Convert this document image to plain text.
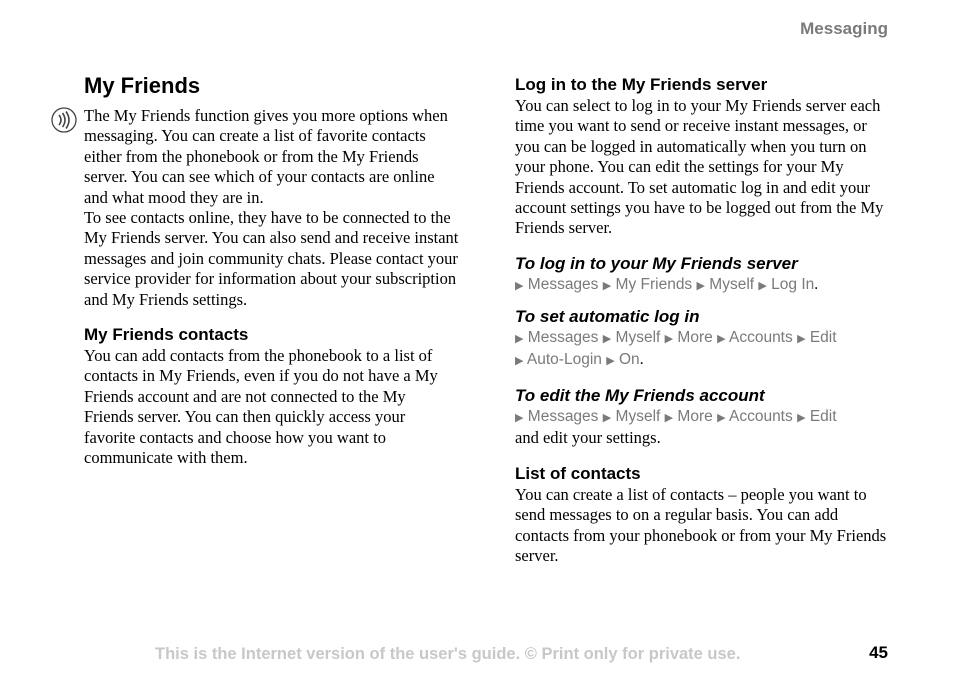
Messaging
My Friends

The My Friends function gives you more options when messaging. You can create a list of favorite contacts either from the phonebook or from the My Friends server. You can see which of your contacts are online and what mood they are in.

To see contacts online, they have to be connected to the My Friends server. You can also send and receive instant messages and join community chats. Please contact your service provider for information about your subscription and My Friends settings.

My Friends contacts

You can add contacts from the phonebook to a list of contacts in My Friends, even if you do not have a My Friends account and are not connected to the My Friends server. You can then quickly access your favorite contacts and choose how you want to communicate with them.

Log in to the My Friends server

You can select to log in to your My Friends server each time you want to send or receive instant messages, or you can be logged in automatically when you turn on your phone. You can edit the settings for your My Friends account. To set automatic log in and edit your account settings you have to be logged out from the My Friends server.

To log in to your My Friends server

▶ Messages ▶ My Friends ▶ Myself ▶ Log In.

To set automatic log in

▶ Messages ▶ Myself ▶ More ▶ Accounts ▶ Edit
▶ Auto-Login ▶ On.

To edit the My Friends account

▶ Messages ▶ Myself ▶ More ▶ Accounts ▶ Edit

and edit your settings.

List of contacts

You can create a list of contacts – people you want to send messages to on a regular basis. You can add contacts from your phonebook or from your My Friends server.

This is the Internet version of the user's guide. © Print only for private use.	45
